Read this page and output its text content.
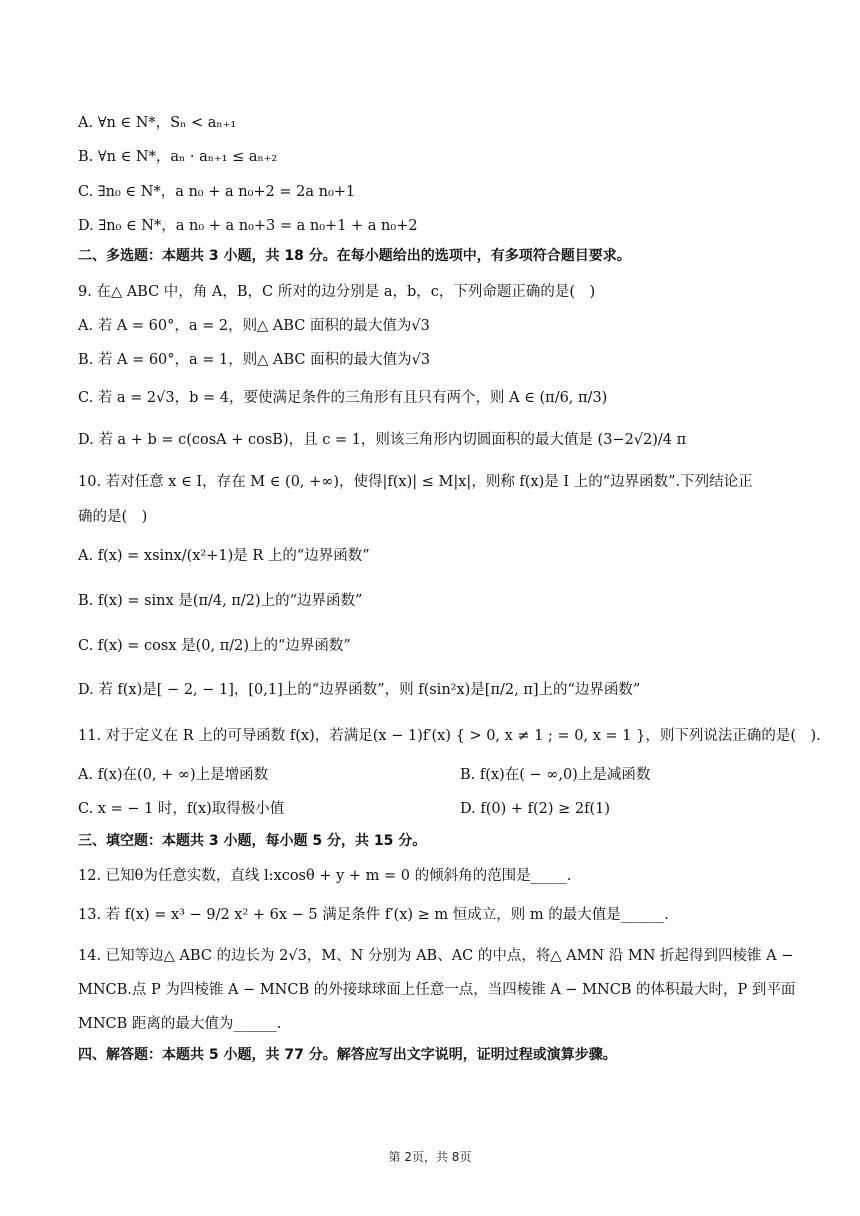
A. ∀n ∈ N*，Sₙ < aₙ₊₁
B. ∀n ∈ N*，aₙ · aₙ₊₁ ≤ aₙ₊₂
C. ∃n₀ ∈ N*，a n₀ + a n₀+2 = 2a n₀+1
D. ∃n₀ ∈ N*，a n₀ + a n₀+3 = a n₀+1 + a n₀+2
二、多选题：本题共 3 小题，共 18 分。在每小题给出的选项中，有多项符合题目要求。
9. 在△ ABC 中，角 A，B，C 所对的边分别是 a，b，c，下列命题正确的是(　)
A. 若 A = 60°，a = 2，则△ ABC 面积的最大值为√3
B. 若 A = 60°，a = 1，则△ ABC 面积的最大值为√3
C. 若 a = 2√3，b = 4，要使满足条件的三角形有且只有两个，则 A ∈ (π/6, π/3)
D. 若 a + b = c(cosA + cosB)，且 c = 1，则该三角形内切圆面积的最大值是 (3−2√2)/4 π
10. 若对任意 x ∈ I，存在 M ∈ (0, +∞)，使得|f(x)| ≤ M|x|，则称 f(x)是 I 上的“边界函数”.下列结论正
确的是(　)
A. f(x) = xsinx/(x²+1)是 R 上的“边界函数”
B. f(x) = sinx 是(π/4, π/2)上的“边界函数”
C. f(x) = cosx 是(0, π/2)上的“边界函数”
D. 若 f(x)是[ − 2, − 1]，[0,1]上的“边界函数”，则 f(sin²x)是[π/2, π]上的“边界函数”
11. 对于定义在 R 上的可导函数 f(x)，若满足(x − 1)f′(x) { > 0, x ≠ 1 ; = 0, x = 1 }，则下列说法正确的是(　).
A. f(x)在(0, + ∞)上是增函数	B. f(x)在( − ∞,0)上是减函数
C. x = − 1 时，f(x)取得极小值	D. f(0) + f(2) ≥ 2f(1)
三、填空题：本题共 3 小题，每小题 5 分，共 15 分。
12. 已知θ为任意实数，直线 l:xcosθ + y + m = 0 的倾斜角的范围是_____.
13. 若 f(x) = x³ − 9/2 x² + 6x − 5 满足条件 f′(x) ≥ m 恒成立，则 m 的最大值是______.
14. 已知等边△ ABC 的边长为 2√3，M、N 分别为 AB、AC 的中点，将△ AMN 沿 MN 折起得到四棱锥 A −
MNCB.点 P 为四棱锥 A − MNCB 的外接球球面上任意一点，当四棱锥 A − MNCB 的体积最大时，P 到平面
MNCB 距离的最大值为______.
四、解答题：本题共 5 小题，共 77 分。解答应写出文字说明，证明过程或演算步骤。
第 2页，共 8页
